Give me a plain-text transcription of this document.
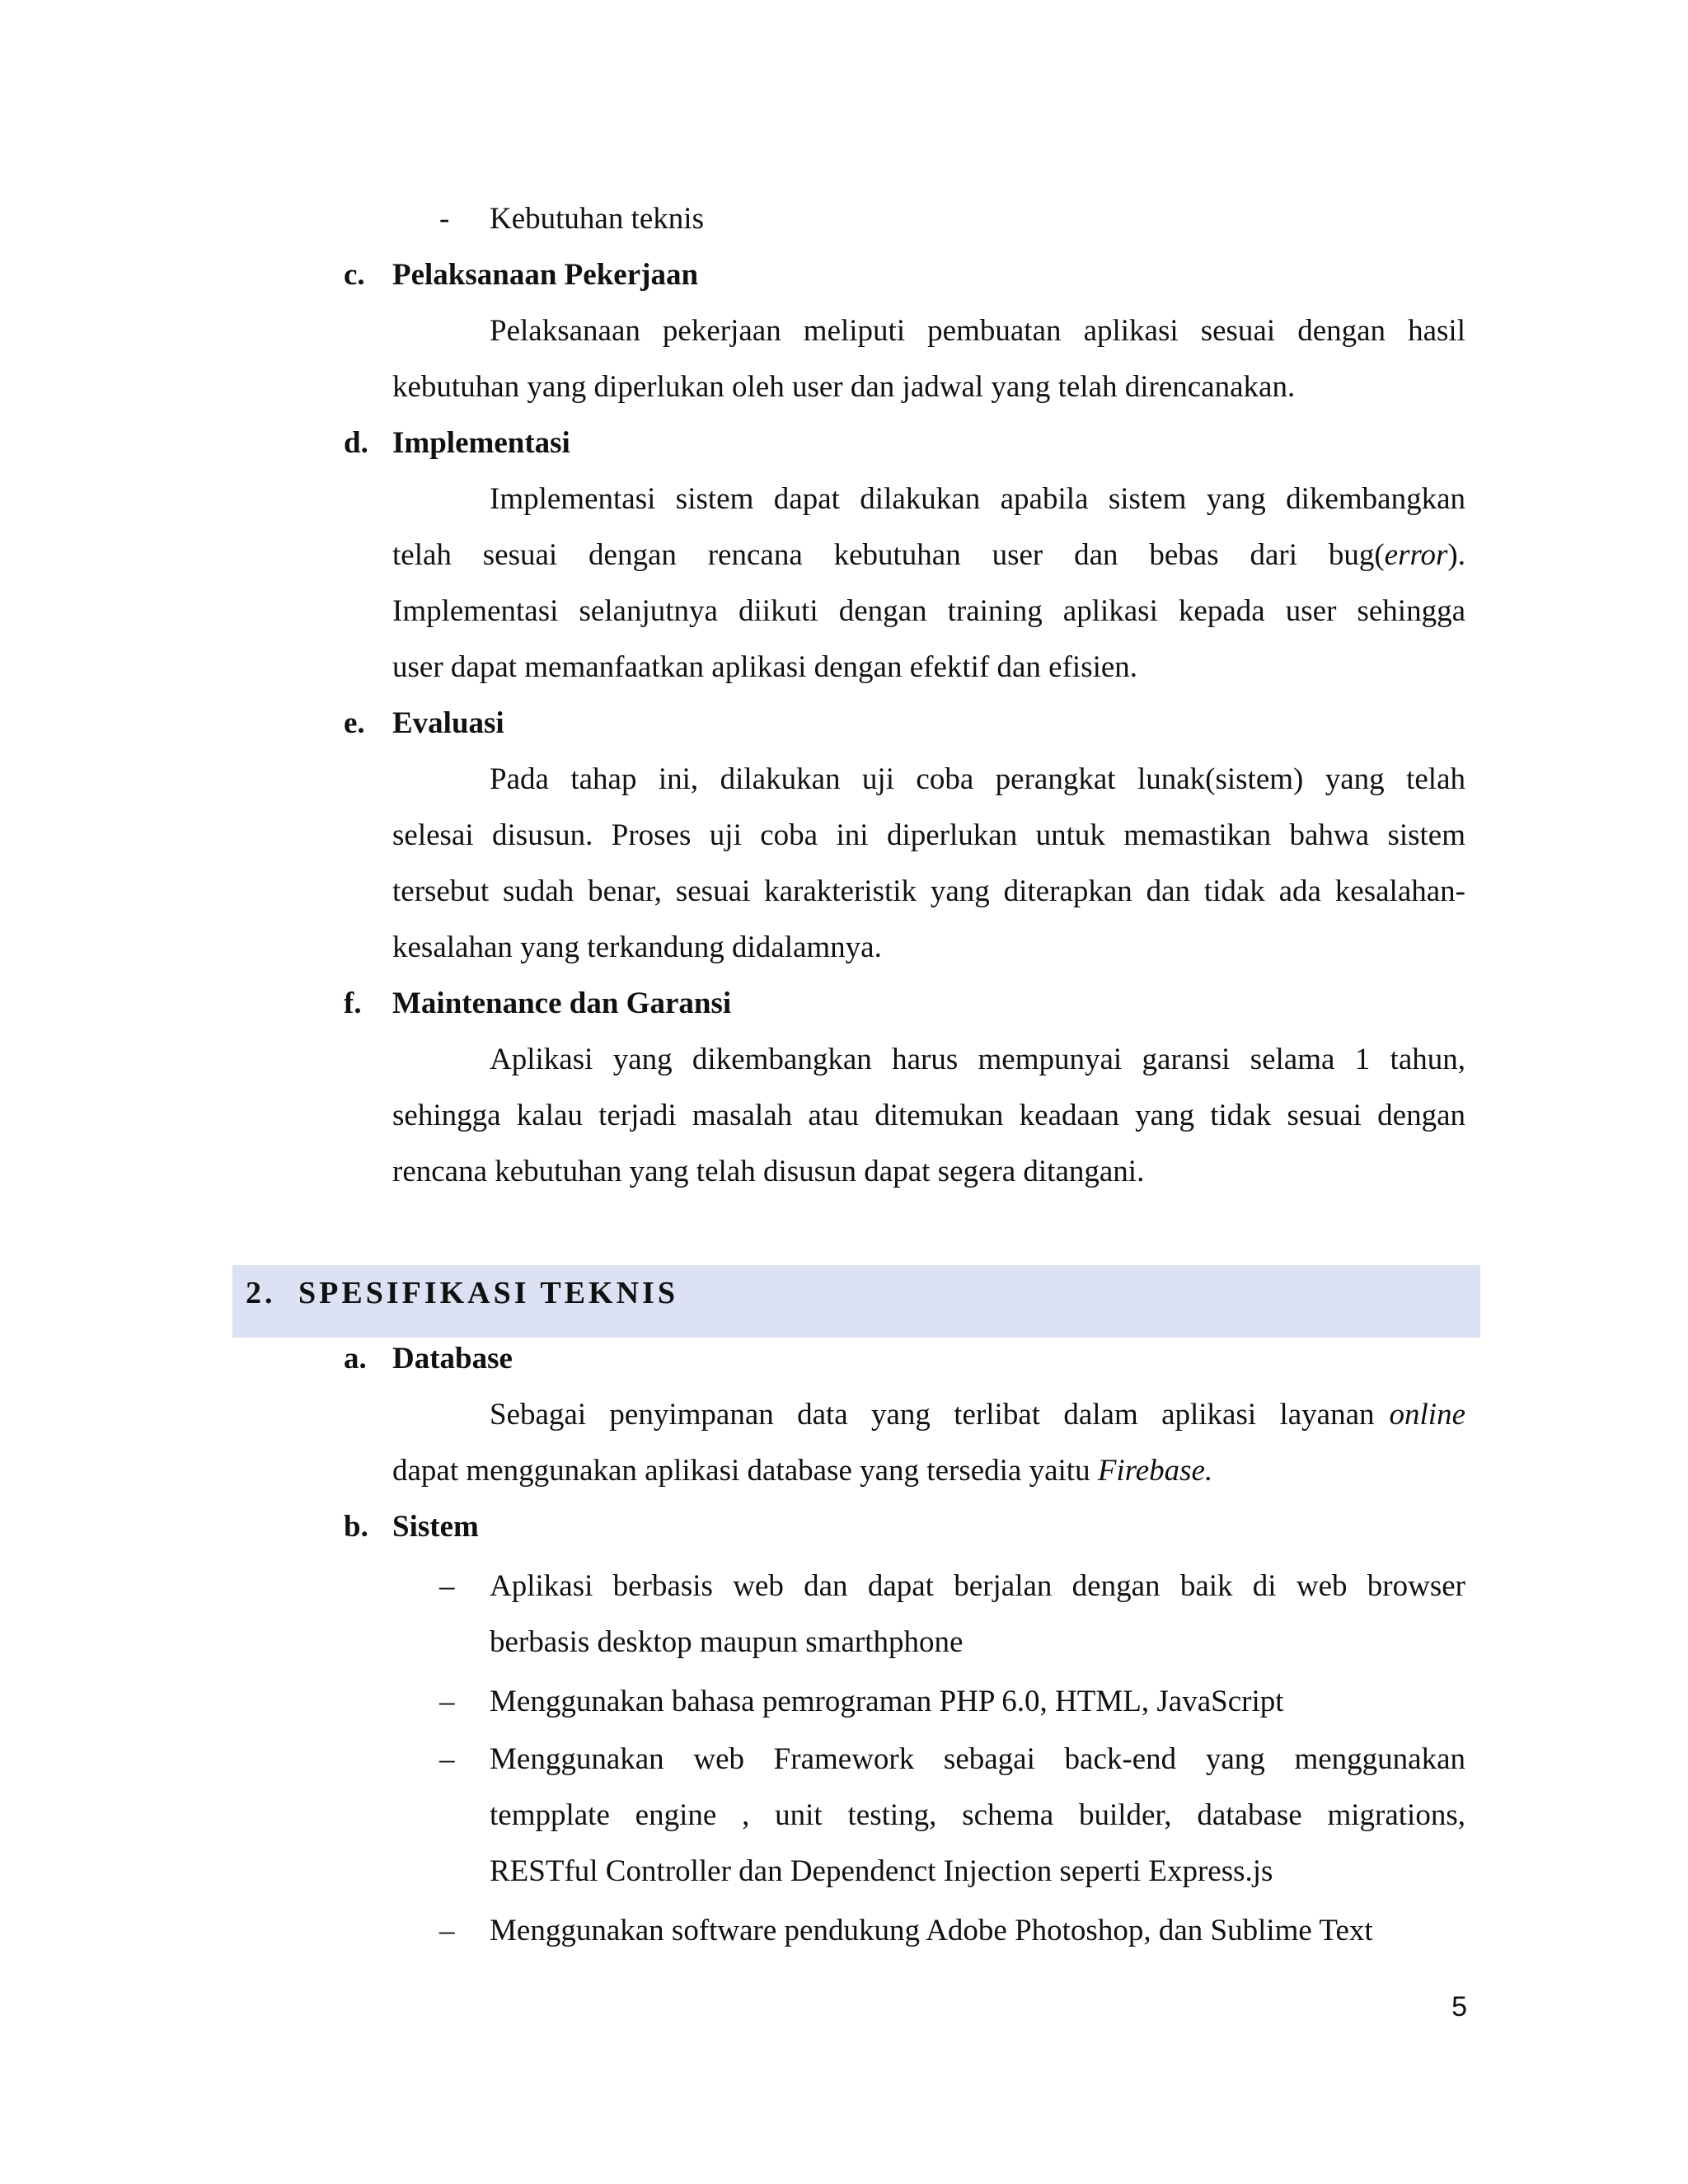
- Kebutuhan teknis
c. Pelaksanaan Pekerjaan
Pelaksanaan pekerjaan meliputi pembuatan aplikasi sesuai dengan hasil
kebutuhan yang diperlukan oleh user dan jadwal yang telah direncanakan.
d. Implementasi
Implementasi sistem dapat dilakukan apabila sistem yang dikembangkan
telah sesuai dengan rencana kebutuhan user dan bebas dari bug( error ).
Implementasi selanjutnya diikuti dengan training aplikasi kepada user sehingga
user dapat memanfaatkan aplikasi dengan efektif dan efisien.
e. Evaluasi
Pada tahap ini, dilakukan uji coba perangkat lunak(sistem) yang telah
selesai disusun. Proses uji coba ini diperlukan untuk memastikan bahwa sistem
tersebut sudah benar, sesuai karakteristik yang diterapkan dan tidak ada kesalahan-
kesalahan yang terkandung didalamnya.
f. Maintenance dan Garansi
Aplikasi yang dikembangkan harus mempunyai garansi selama 1 tahun,
sehingga kalau terjadi masalah atau ditemukan keadaan yang tidak sesuai dengan
rencana kebutuhan yang telah disusun dapat segera ditangani.
2. SPESIFIKASI TEKNIS
a. Database
Sebagai penyimpanan data yang terlibat dalam aplikasi layanan online
dapat menggunakan aplikasi database yang tersedia yaitu Firebase.
b. Sistem
– Aplikasi berbasis web dan dapat berjalan dengan baik di web browser
berbasis desktop maupun smarthphone
– Menggunakan bahasa pemrograman PHP 6.0, HTML, JavaScript
– Menggunakan web Framework sebagai back-end yang menggunakan
tempplate engine , unit testing, schema builder, database migrations,
RESTful Controller dan Dependenct Injection seperti Express.js
– Menggunakan software pendukung Adobe Photoshop, dan Sublime Text
5
